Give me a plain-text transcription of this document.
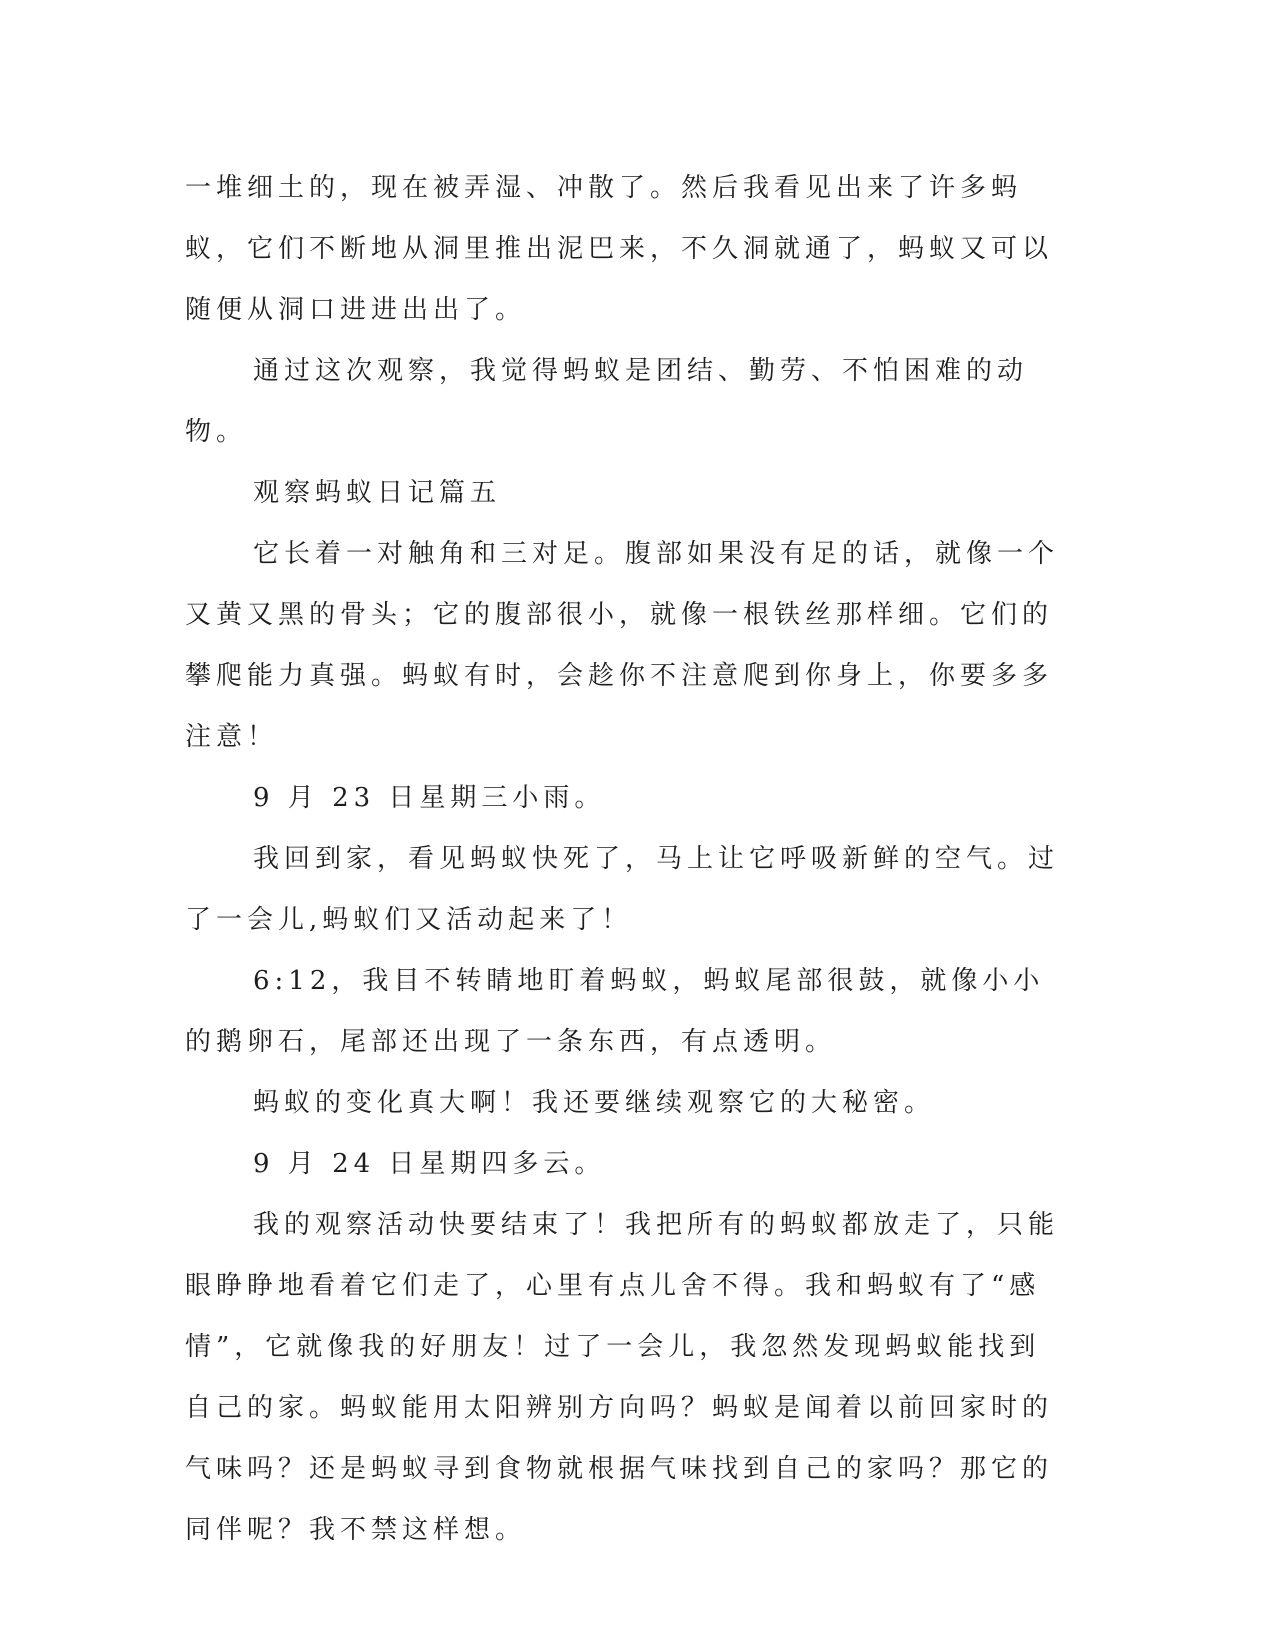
一堆细土的，现在被弄湿、冲散了。然后我看见出来了许多蚂蚁，它们不断地从洞里推出泥巴来，不久洞就通了，蚂蚁又可以随便从洞口进进出出了。

通过这次观察，我觉得蚂蚁是团结、勤劳、不怕困难的动物。

观察蚂蚁日记篇五

它长着一对触角和三对足。腹部如果没有足的话，就像一个又黄又黑的骨头；它的腹部很小，就像一根铁丝那样细。它们的攀爬能力真强。蚂蚁有时，会趁你不注意爬到你身上，你要多多注意！

9 月 23 日星期三小雨。

我回到家，看见蚂蚁快死了，马上让它呼吸新鲜的空气。过了一会儿,蚂蚁们又活动起来了！

6:12，我目不转睛地盯着蚂蚁，蚂蚁尾部很鼓，就像小小的鹅卵石，尾部还出现了一条东西，有点透明。

蚂蚁的变化真大啊！我还要继续观察它的大秘密。

9 月 24 日星期四多云。

我的观察活动快要结束了！我把所有的蚂蚁都放走了，只能眼睁睁地看着它们走了，心里有点儿舍不得。我和蚂蚁有了“感情”，它就像我的好朋友！过了一会儿，我忽然发现蚂蚁能找到自己的家。蚂蚁能用太阳辨别方向吗？蚂蚁是闻着以前回家时的气味吗？还是蚂蚁寻到食物就根据气味找到自己的家吗？那它的同伴呢？我不禁这样想。
